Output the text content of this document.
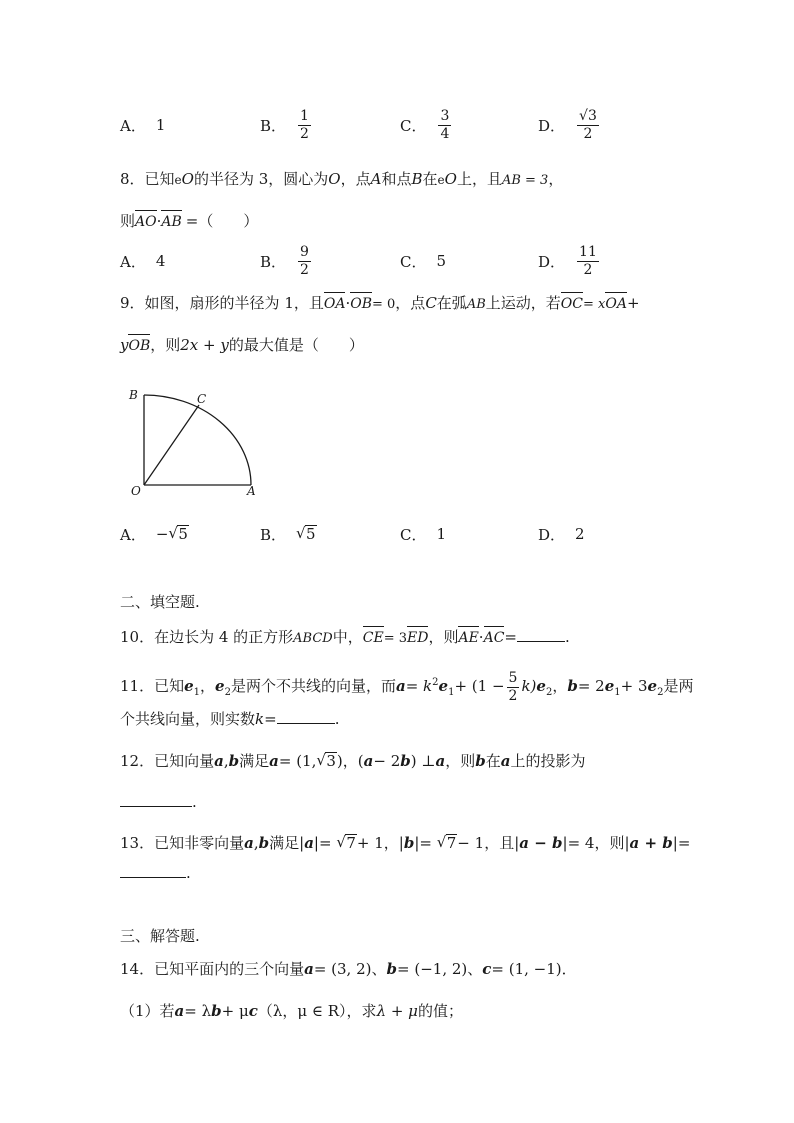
A． 1	B． $\frac{1}{2}$	C． $\frac{3}{4}$	D． $\frac{√3}{2}$
8．已知eO的半径为 3，圆心为O，点A和点B在eO上，且AB = 3，
则AO·AB =（　　）
A． 4	B． $\frac{9}{2}$	C． 5	D． $\frac{11}{2}$
9．如图，扇形的半径为 1，且OA·OB= 0，点C在弧AB上运动，若OC= xOA+
yOB，则2x + y的最大值是（　　）
B	C
O	A
A． − √ 5	B．	√ 5	C． 1	D． 2
二、填空题.
10．在边长为 4 的正方形ABCD中，CE= 3ED，则AE·AC=	.
11．已知$e_1$，$e_2$是两个不共线的向量，而$a= k^2e_1+ (1 - \frac{5}{2} k)e_2$，$b= 2e_1+ 3e_2$是两
个共线向量，则实数k=	.
12．已知向量a,b满足a= (1, √ 3)，(a− 2b) ⊥a，则b在a上的投影为
.
13．已知非零向量a,b满足|a|= √ 7+ 1，|b|= √ 7− 1，且|a − b|= 4，则|a + b|=
.
三、解答题.
14．已知平面内的三个向量a= (3, 2)、b= (−1, 2)、c= (1, −1)．
（1）若a= λb+ μc（λ，μ ∈ R），求λ + μ的值；
